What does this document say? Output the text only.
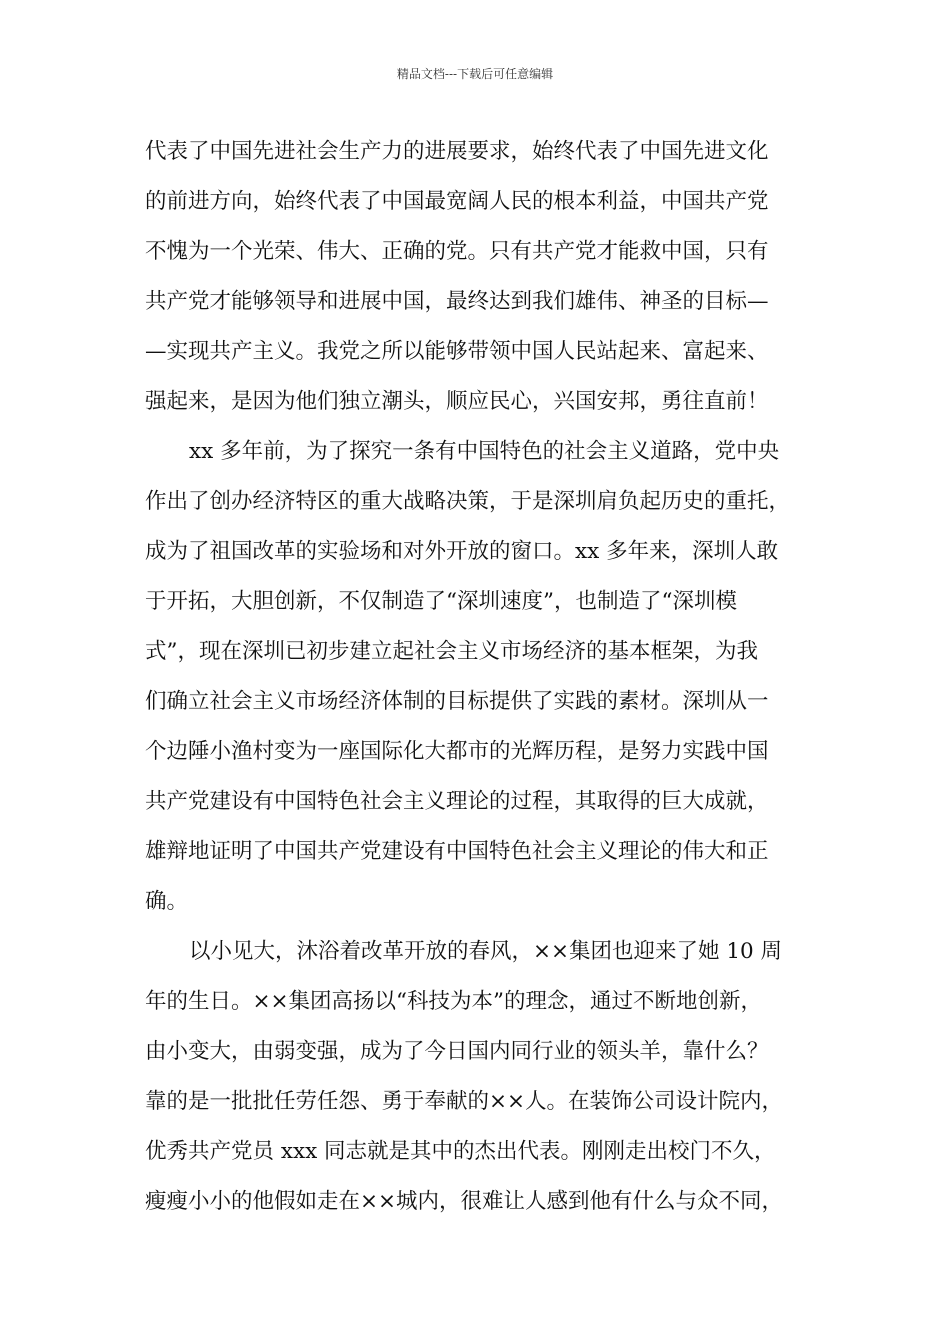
精品文档---下载后可任意编辑
代表了中国先进社会生产力的进展要求，始终代表了中国先进文化
的前进方向，始终代表了中国最宽阔人民的根本利益，中国共产党
不愧为一个光荣、伟大、正确的党。只有共产党才能救中国，只有
共产党才能够领导和进展中国，最终达到我们雄伟、神圣的目标—
—实现共产主义。我党之所以能够带领中国人民站起来、富起来、
强起来，是因为他们独立潮头，顺应民心，兴国安邦，勇往直前！
xx 多年前，为了探究一条有中国特色的社会主义道路，党中央
作出了创办经济特区的重大战略决策，于是深圳肩负起历史的重托，
成为了祖国改革的实验场和对外开放的窗口。xx 多年来，深圳人敢
于开拓，大胆创新，不仅制造了“深圳速度”，也制造了“深圳模
式”，现在深圳已初步建立起社会主义市场经济的基本框架，为我
们确立社会主义市场经济体制的目标提供了实践的素材。深圳从一
个边陲小渔村变为一座国际化大都市的光辉历程，是努力实践中国
共产党建设有中国特色社会主义理论的过程，其取得的巨大成就，
雄辩地证明了中国共产党建设有中国特色社会主义理论的伟大和正
确。
以小见大，沐浴着改革开放的春风，××集团也迎来了她 10 周
年的生日。××集团高扬以“科技为本”的理念，通过不断地创新，
由小变大，由弱变强，成为了今日国内同行业的领头羊，靠什么？
靠的是一批批任劳任怨、勇于奉献的××人。在装饰公司设计院内，
优秀共产党员 xxx 同志就是其中的杰出代表。刚刚走出校门不久，
瘦瘦小小的他假如走在××城内，很难让人感到他有什么与众不同，
